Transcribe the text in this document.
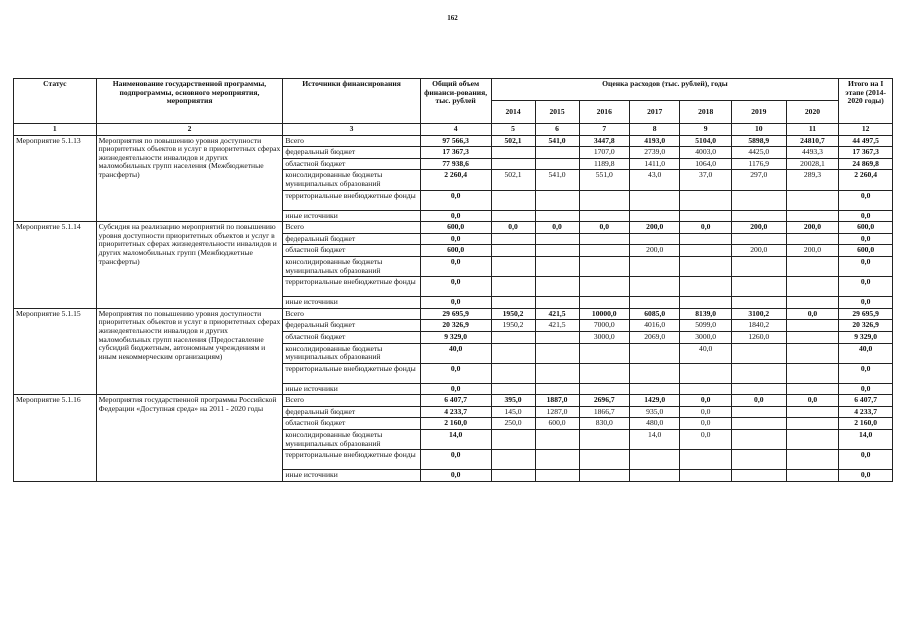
162
Статус	Наименование государственной программы, подпрограммы, основного мероприятия, мероприятия	Источники финансирования	Общий объем финанси-рования, тыс. рублей	Оценка расходов (тыс. рублей), годы							Итого на I этапе (2014-2020 годы)
				2014	2015	2016	2017	2018	2019	2020	
1	2	3	4	5	6	7	8	9	10	11	12
Мероприятие 5.1.13	Мероприятия по повышению уровня доступности приоритетных объектов и услуг в приоритетных сферах жизнедеятельности инвалидов и других маломобильных групп населения (Межбюджетные трансферты)	Всего	97 566,3	502,1	541,0	3447,8	4193,0	5104,0	5898,9	24810,7	44 497,5
		федеральный бюджет	17 367,3			1707,0	2739,0	4003,0	4425,0	4493,3	17 367,3
		областной бюджет	77 938,6			1189,8	1411,0	1064,0	1176,9	20028,1	24 869,8
		консолидированные бюджеты муниципальных образований	2 260,4	502,1	541,0	551,0	43,0	37,0	297,0	289,3	2 260,4
		территориальные внебюджетные фонды	0,0								0,0
		иные источники	0,0								0,0
Мероприятие 5.1.14	Субсидия на реализацию мероприятий по повышению уровня доступности приоритетных объектов и услуг в приоритетных сферах жизнедеятельности инвалидов и других маломобильных групп (Межбюджетные трансферты)	Всего	600,0	0,0	0,0	0,0	200,0	0,0	200,0	200,0	600,0
		федеральный бюджет	0,0								0,0
		областной бюджет	600,0				200,0		200,0	200,0	600,0
		консолидированные бюджеты муниципальных образований	0,0								0,0
		территориальные внебюджетные фонды	0,0								0,0
		иные источники	0,0								0,0
Мероприятие 5.1.15	Мероприятия по повышению уровня доступности приоритетных объектов и услуг в приоритетных сферах жизнедеятельности инвалидов и других маломобильных групп населения (Предоставление субсидий бюджетным, автономным учреждениям и иным некоммерческим организациям)	Всего	29 695,9	1950,2	421,5	10000,0	6085,0	8139,0	3100,2	0,0	29 695,9
		федеральный бюджет	20 326,9	1950,2	421,5	7000,0	4016,0	5099,0	1840,2		20 326,9
		областной бюджет	9 329,0			3000,0	2069,0	3000,0	1260,0		9 329,0
		консолидированные бюджеты муниципальных образований	40,0					40,0			40,0
		территориальные внебюджетные фонды	0,0								0,0
		иные источники	0,0								0,0
Мероприятие 5.1.16	Мероприятия государственной программы Российской Федерации «Доступная среда» на 2011 - 2020 годы	Всего	6 407,7	395,0	1887,0	2696,7	1429,0	0,0	0,0	0,0	6 407,7
		федеральный бюджет	4 233,7	145,0	1287,0	1866,7	935,0	0,0			4 233,7
		областной бюджет	2 160,0	250,0	600,0	830,0	480,0	0,0			2 160,0
		консолидированные бюджеты муниципальных образований	14,0				14,0	0,0			14,0
		территориальные внебюджетные фонды	0,0								0,0
		иные источники	0,0								0,0
